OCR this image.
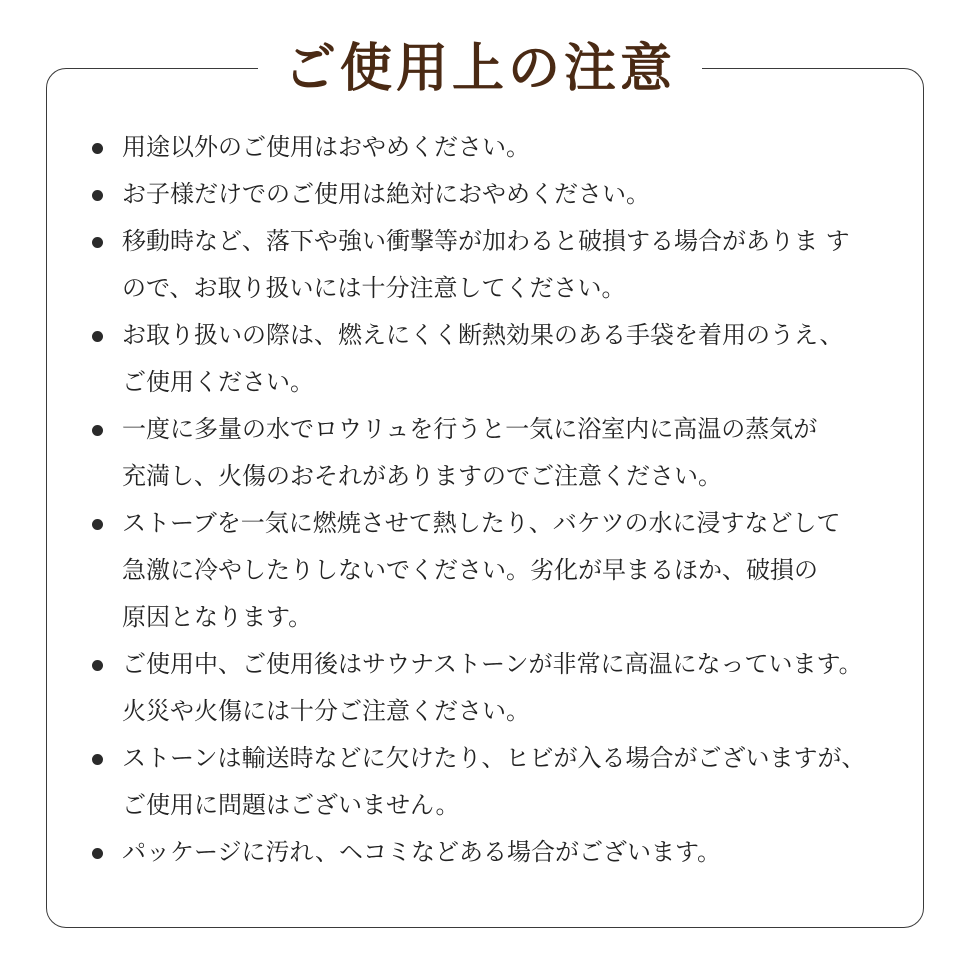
ご使用上の注意
用途以外のご使用はおやめください。
お子様だけでのご使用は絶対におやめください。
移動時など、落下や強い衝撃等が加わると破損する場合がありま す
ので、お取り扱いには十分注意してください。
お取り扱いの際は、燃えにくく断熱効果のある手袋を着用のうえ、
ご使用ください。
一度に多量の水でロウリュを行うと一気に浴室内に高温の蒸気が
充満し、火傷のおそれがありますのでご注意ください。
ストーブを一気に燃焼させて熱したり、バケツの水に浸すなどして
急激に冷やしたりしないでください。劣化が早まるほか、破損の
原因となります。
ご使用中、ご使用後はサウナストーンが非常に高温になっています。
火災や火傷には十分ご注意ください。
ストーンは輸送時などに欠けたり、ヒビが入る場合がございますが、
ご使用に問題はございません。
パッケージに汚れ、ヘコミなどある場合がございます。
